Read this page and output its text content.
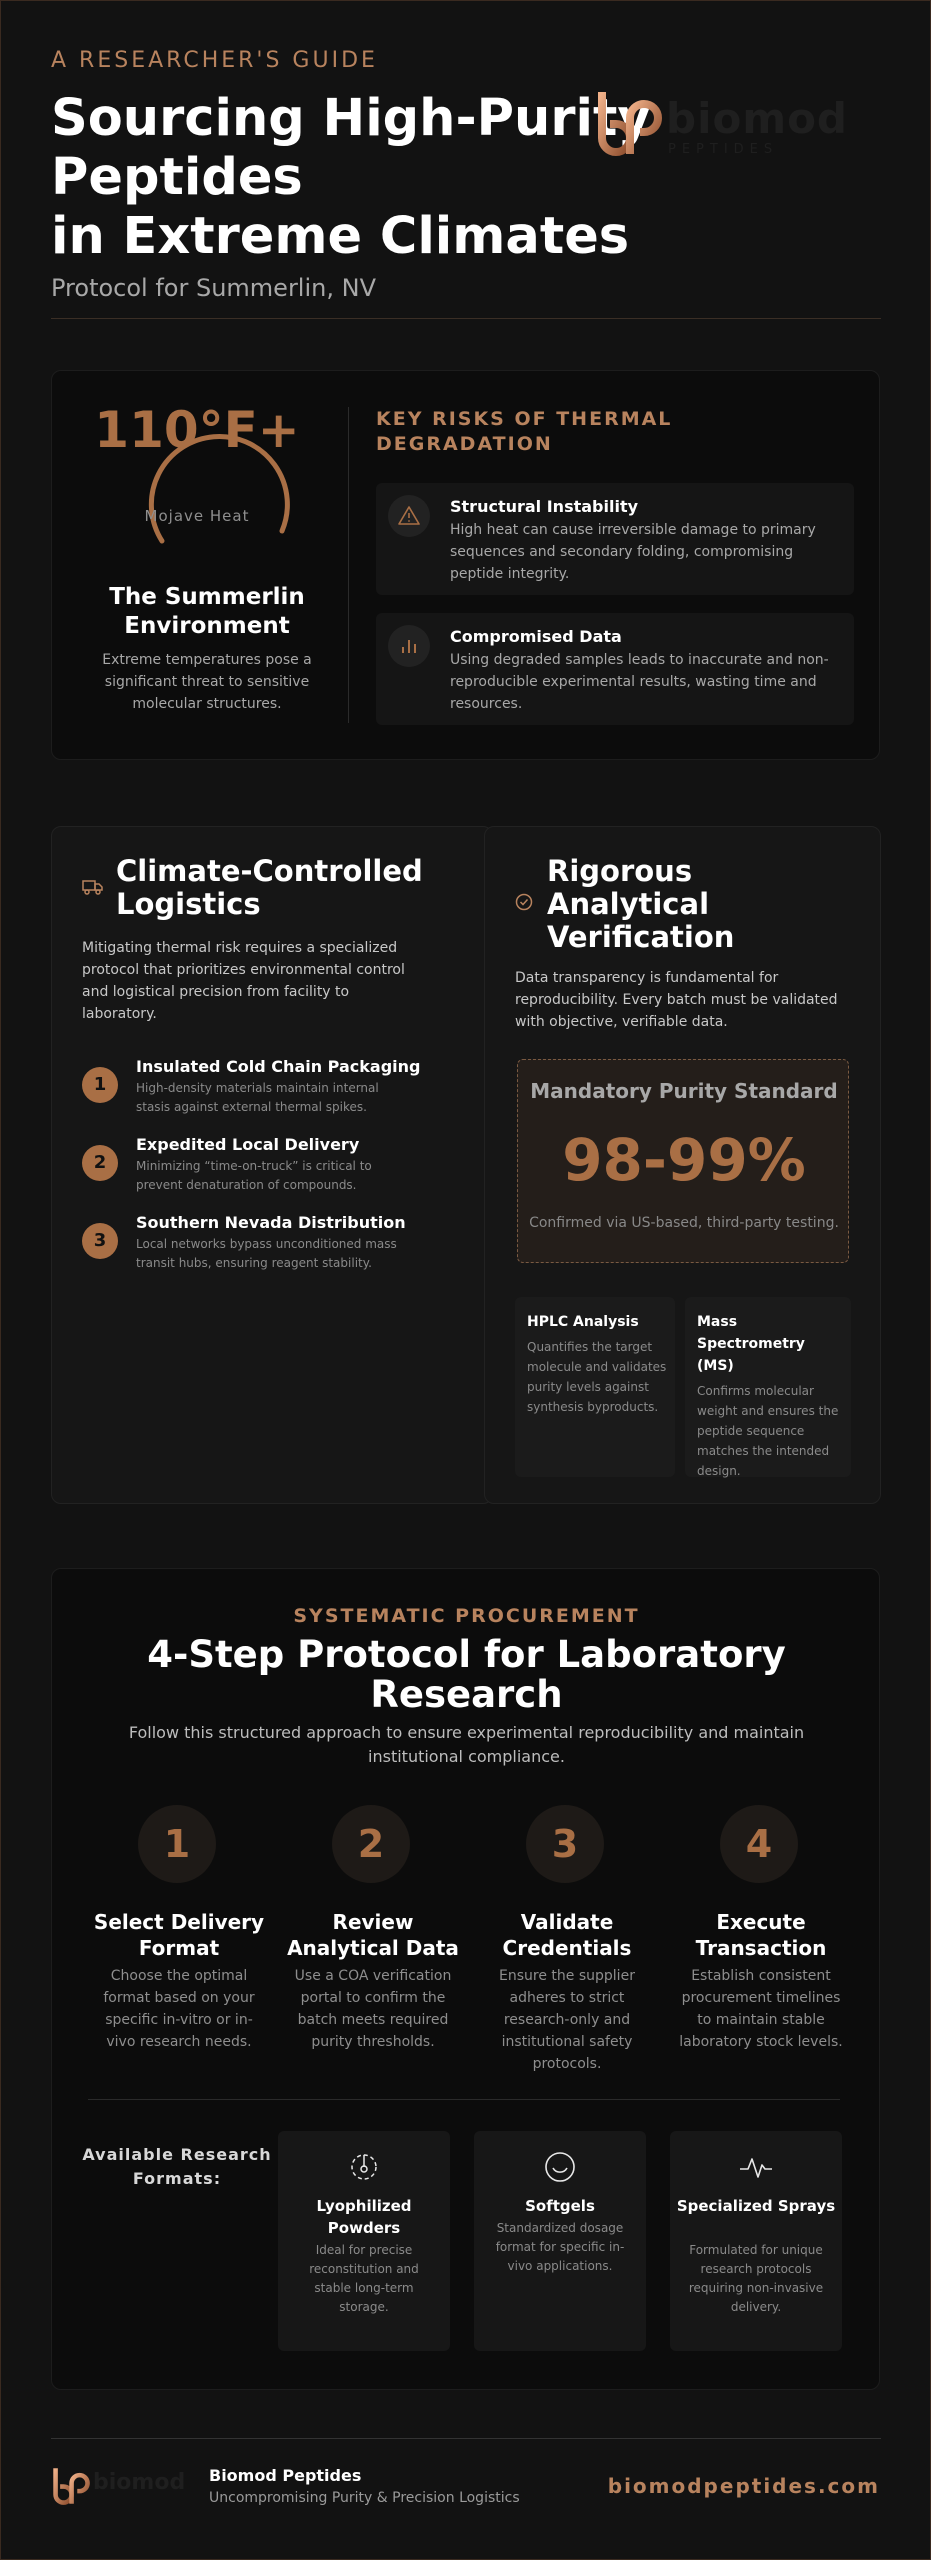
A RESEARCHER'S GUIDE
Sourcing High-Purity
Peptides
in Extreme Climates
Protocol for Summerlin, NV
biomod
PEPTIDES
110°F+
Mojave Heat
The Summerlin Environment
Extreme temperatures pose a significant threat to sensitive molecular structures.
KEY RISKS OF THERMAL DEGRADATION
Structural Instability
High heat can cause irreversible damage to primary sequences and secondary folding, compromising peptide integrity.
Compromised Data
Using degraded samples leads to inaccurate and non-reproducible experimental results, wasting time and resources.
Climate-Controlled
Logistics
Mitigating thermal risk requires a specialized protocol that prioritizes environmental control and logistical precision from facility to laboratory.
1
Insulated Cold Chain Packaging
High-density materials maintain internal
stasis against external thermal spikes.
2
Expedited Local Delivery
Minimizing “time-on-truck” is critical to
prevent denaturation of compounds.
3
Southern Nevada Distribution
Local networks bypass unconditioned mass
transit hubs, ensuring reagent stability.
Rigorous
Analytical
Verification
Data transparency is fundamental for reproducibility. Every batch must be validated with objective, verifiable data.
Mandatory Purity Standard
98-99%
Confirmed via US-based, third-party testing.
HPLC Analysis
Quantifies the target molecule and validates purity levels against synthesis byproducts.
Mass Spectrometry (MS)
Confirms molecular weight and ensures the peptide sequence matches the intended design.
SYSTEMATIC PROCUREMENT
4-Step Protocol for Laboratory Research
Follow this structured approach to ensure experimental reproducibility and maintain institutional compliance.
1
Select Delivery Format
Choose the optimal format based on your specific in-vitro or in-vivo research needs.
2
Review Analytical Data
Use a COA verification portal to confirm the batch meets required purity thresholds.
3
Validate Credentials
Ensure the supplier adheres to strict research-only and institutional safety protocols.
4
Execute Transaction
Establish consistent procurement timelines to maintain stable laboratory stock levels.
Available Research Formats:
Lyophilized Powders
Ideal for precise reconstitution and stable long-term storage.
Softgels
Standardized dosage format for specific in-vivo applications.
Specialized Sprays
Formulated for unique research protocols requiring non-invasive delivery.
biomod Biomod Peptides
Uncompromising Purity & Precision Logistics	biomodpeptides.com
